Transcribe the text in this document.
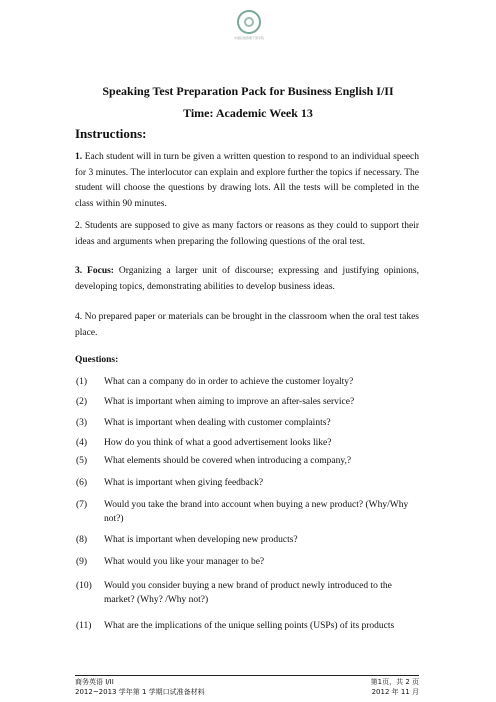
中国民航管理干部学院
Speaking Test Preparation Pack for Business English I/II
Time: Academic Week 13
Instructions:
1. Each student will in turn be given a written question to respond to an individual speech for 3 minutes. The interlocutor can explain and explore further the topics if necessary. The student will choose the questions by drawing lots. All the tests will be completed in the class within 90 minutes.
2. Students are supposed to give as many factors or reasons as they could to support their ideas and arguments when preparing the following questions of the oral test.
3. Focus: Organizing a larger unit of discourse; expressing and justifying opinions, developing topics, demonstrating abilities to develop business ideas.
4. No prepared paper or materials can be brought in the classroom when the oral test takes place.
Questions:
(1)	What can a company do in order to achieve the customer loyalty?
(2)	What is important when aiming to improve an after-sales service?
(3)	What is important when dealing with customer complaints?
(4)	How do you think of what a good advertisement looks like?
(5)	What elements should be covered when introducing a company,?
(6)	What is important when giving feedback?
(7)	Would you take the brand into account when buying a new product? (Why/Why not?)
(8)	What is important when developing new products?
(9)	What would you like your manager to be?
(10)	Would you consider buying a new brand of product newly introduced to the market? (Why? /Why not?)
(11)	What are the implications of the unique selling points (USPs) of its products
商务英语 I/II	第1页，共 2 页
2012~2013 学年第 1 学期口试准备材料	2012 年 11 月
